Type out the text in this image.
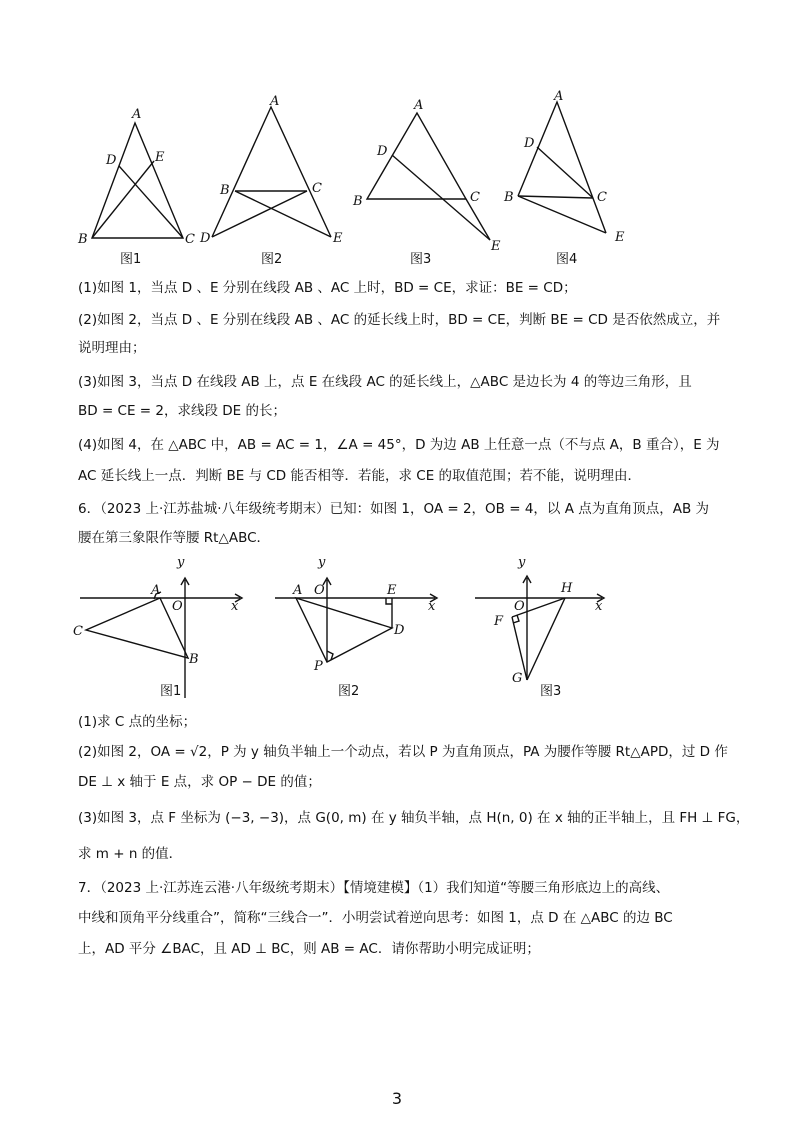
A
D	E
B	C
图1
A
B	C
D	E
图2
A
D
B	C
E
图3
A
D
B	C
E
图4
(1)如图 1，当点 D 、E 分别在线段 AB 、AC 上时，BD = CE，求证：BE = CD；
(2)如图 2，当点 D 、E 分别在线段 AB 、AC 的延长线上时，BD = CE，判断 BE = CD 是否依然成立，并
说明理由；
(3)如图 3，当点 D 在线段 AB 上，点 E 在线段 AC 的延长线上，△ABC 是边长为 4 的等边三角形，且
BD = CE = 2，求线段 DE 的长；
(4)如图 4，在 △ABC 中，AB = AC = 1，∠A = 45°，D 为边 AB 上任意一点（不与点 A，B 重合），E 为
AC 延长线上一点．判断 BE 与 CD 能否相等．若能，求 CE 的取值范围；若不能，说明理由．
6．（2023 上·江苏盐城·八年级统考期末）已知：如图 1，OA = 2，OB = 4，以 A 点为直角顶点，AB 为
腰在第三象限作等腰 Rt△ABC．
y
x
A
O
B
C
图1
y
x
A O	E
D
P
图2
y
x
O
H
F
G
图3
(1)求 C 点的坐标；
(2)如图 2，OA = √2，P 为 y 轴负半轴上一个动点，若以 P 为直角顶点，PA 为腰作等腰 Rt△APD，过 D 作
DE ⊥ x 轴于 E 点，求 OP − DE 的值；
(3)如图 3，点 F 坐标为 (−3, −3)，点 G(0, m) 在 y 轴负半轴，点 H(n, 0) 在 x 轴的正半轴上，且 FH ⊥ FG，
求 m + n 的值．
7．（2023 上·江苏连云港·八年级统考期末）【情境建模】（1）我们知道“等腰三角形底边上的高线、
中线和顶角平分线重合”，简称“三线合一”．小明尝试着逆向思考：如图 1，点 D 在 △ABC 的边 BC
上，AD 平分 ∠BAC，且 AD ⊥ BC，则 AB = AC．请你帮助小明完成证明；
3
